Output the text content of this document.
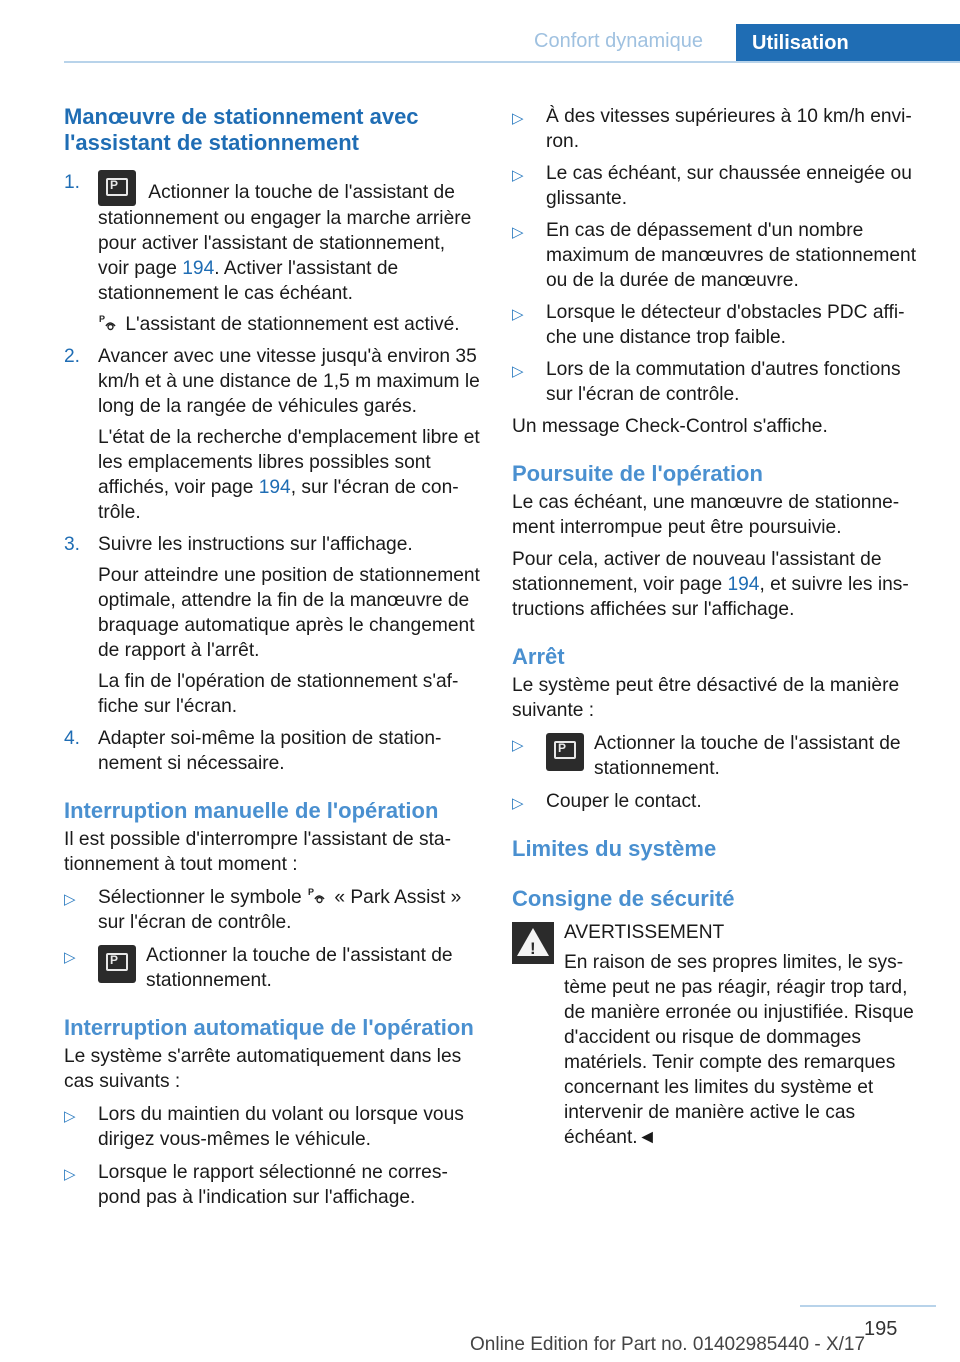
Confort dynamique	Utilisation
Manœuvre de stationnement avec l'assistant de stationnement
1. P	Actionner la touche de l'assistant de stationnement ou engager la marche arrière pour activer l'assistant de stationnement, voir page 194. Activer l'assistant de stationnement le cas échéant.

P L'assistant de stationnement est activé.

2. Avancer avec une vitesse jusqu'à environ 35 km/h et à une distance de 1,5 m maximum le long de la rangée de véhicules garés.

L'état de la recherche d'emplacement libre et les emplacements libres possibles sont affichés, voir page 194, sur l'écran de contrôle.

3. Suivre les instructions sur l'affichage.

Pour atteindre une position de stationnement optimale, attendre la fin de la manœuvre de braquage automatique après le changement de rapport à l'arrêt.

La fin de l'opération de stationnement s'affiche sur l'écran.

4. Adapter soi-même la position de stationnement si nécessaire.

Interruption manuelle de l'opération

Il est possible d'interrompre l'assistant de stationnement à tout moment :

▷ Sélectionner le symbole P « Park Assist » sur l'écran de contrôle.

▷ P	Actionner la touche de l'assistant de stationnement.

Interruption automatique de l'opération

Le système s'arrête automatiquement dans les cas suivants :

▷ Lors du maintien du volant ou lorsque vous dirigez vous-mêmes le véhicule.

▷ Lorsque le rapport sélectionné ne correspond pas à l'indication sur l'affichage.

▷ À des vitesses supérieures à 10 km/h environ.

▷ Le cas échéant, sur chaussée enneigée ou glissante.

▷ En cas de dépassement d'un nombre maximum de manœuvres de stationnement ou de la durée de manœuvre.

▷ Lorsque le détecteur d'obstacles PDC affiche une distance trop faible.

▷ Lors de la commutation d'autres fonctions sur l'écran de contrôle.

Un message Check-Control s'affiche.

Poursuite de l'opération

Le cas échéant, une manœuvre de stationnement interrompue peut être poursuivie.

Pour cela, activer de nouveau l'assistant de stationnement, voir page 194, et suivre les instructions affichées sur l'affichage.

Arrêt

Le système peut être désactivé de la manière suivante :

▷ P	Actionner la touche de l'assistant de stationnement.

▷ Couper le contact.

Limites du système
Consigne de sécurité
!

AVERTISSEMENT

En raison de ses propres limites, le système peut ne pas réagir, réagir trop tard, de manière erronée ou injustifiée. Risque d'accident ou risque de dommages matériels. Tenir compte des remarques concernant les limites du système et intervenir de manière active le cas échéant.◄

195
Online Edition for Part no. 01402985440 - X/17
